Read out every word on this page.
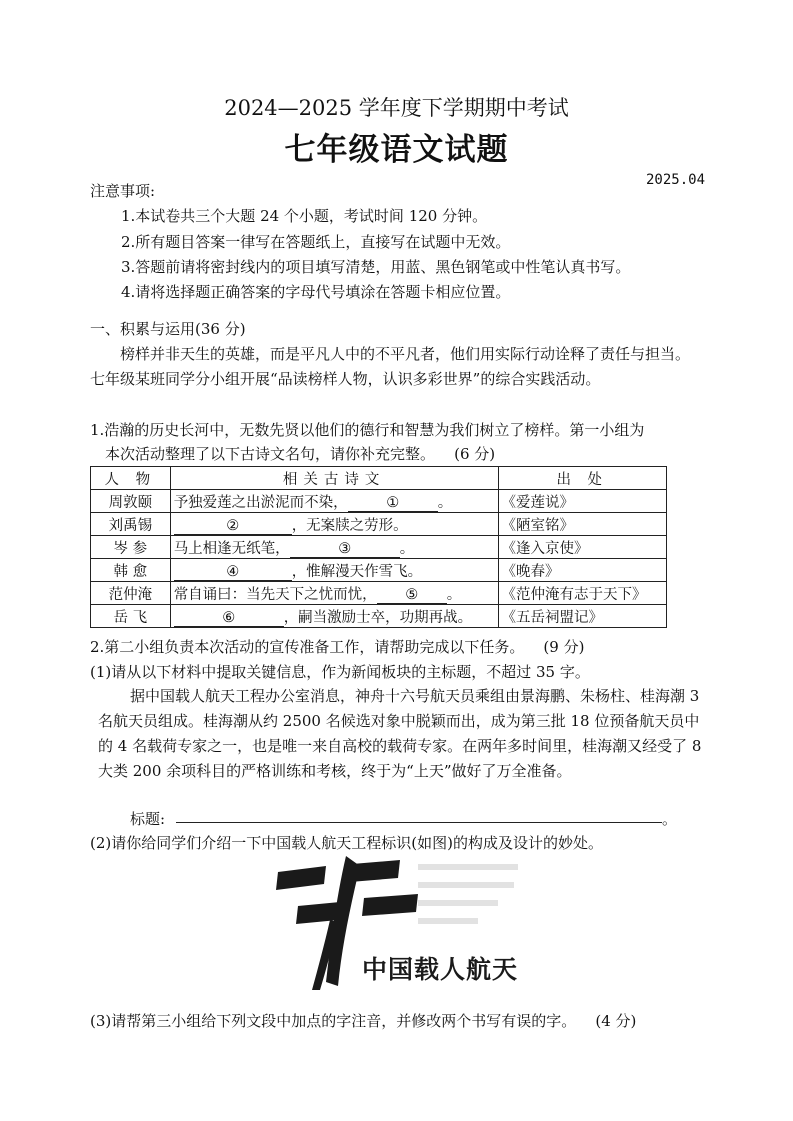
2024—2025 学年度下学期期中考试
七年级语文试题
2025.04
注意事项:
1.本试卷共三个大题 24 个小题，考试时间 120 分钟。
2.所有题目答案一律写在答题纸上，直接写在试题中无效。
3.答题前请将密封线内的项目填写清楚，用蓝、黑色钢笔或中性笔认真书写。
4.请将选择题正确答案的字母代号填涂在答题卡相应位置。
一、积累与运用(36 分)
榜样并非天生的英雄，而是平凡人中的不平凡者，他们用实际行动诠释了责任与担当。七年级某班同学分小组开展“品读榜样人物，认识多彩世界”的综合实践活动。
1.浩瀚的历史长河中，无数先贤以他们的德行和智慧为我们树立了榜样。第一小组为
本次活动整理了以下古诗文名句，请你补充完整。 (6 分)
人 物	相关古诗文	出 处
周敦颐	予独爱莲之出淤泥而不染， ① 。	《爱莲说》
刘禹锡	② ，无案牍之劳形。	《陋室铭》
岑 参	马上相逢无纸笔， ③ 。	《逢入京使》
韩 愈	④ ，惟解漫天作雪飞。	《晚春》
范仲淹	常自诵曰：当先天下之忧而忧， ⑤ 。	《范仲淹有志于天下》
岳 飞	⑥ ，嗣当激励士卒，功期再战。	《五岳祠盟记》
2.第二小组负责本次活动的宣传准备工作，请帮助完成以下任务。 (9 分)
(1)请从以下材料中提取关键信息，作为新闻板块的主标题，不超过 35 字。
据中国载人航天工程办公室消息，神舟十六号航天员乘组由景海鹏、朱杨柱、桂海潮 3 名航天员组成。桂海潮从约 2500 名候选对象中脱颖而出，成为第三批 18 位预备航天员中的 4 名载荷专家之一，也是唯一来自高校的载荷专家。在两年多时间里，桂海潮又经受了 8 大类 200 余项科目的严格训练和考核，终于为“上天”做好了万全准备。
标题:	。
(2)请你给同学们介绍一下中国载人航天工程标识(如图)的构成及设计的妙处。
中国载人航天
(3)请帮第三小组给下列文段中加点的字注音，并修改两个书写有误的字。 (4 分)
